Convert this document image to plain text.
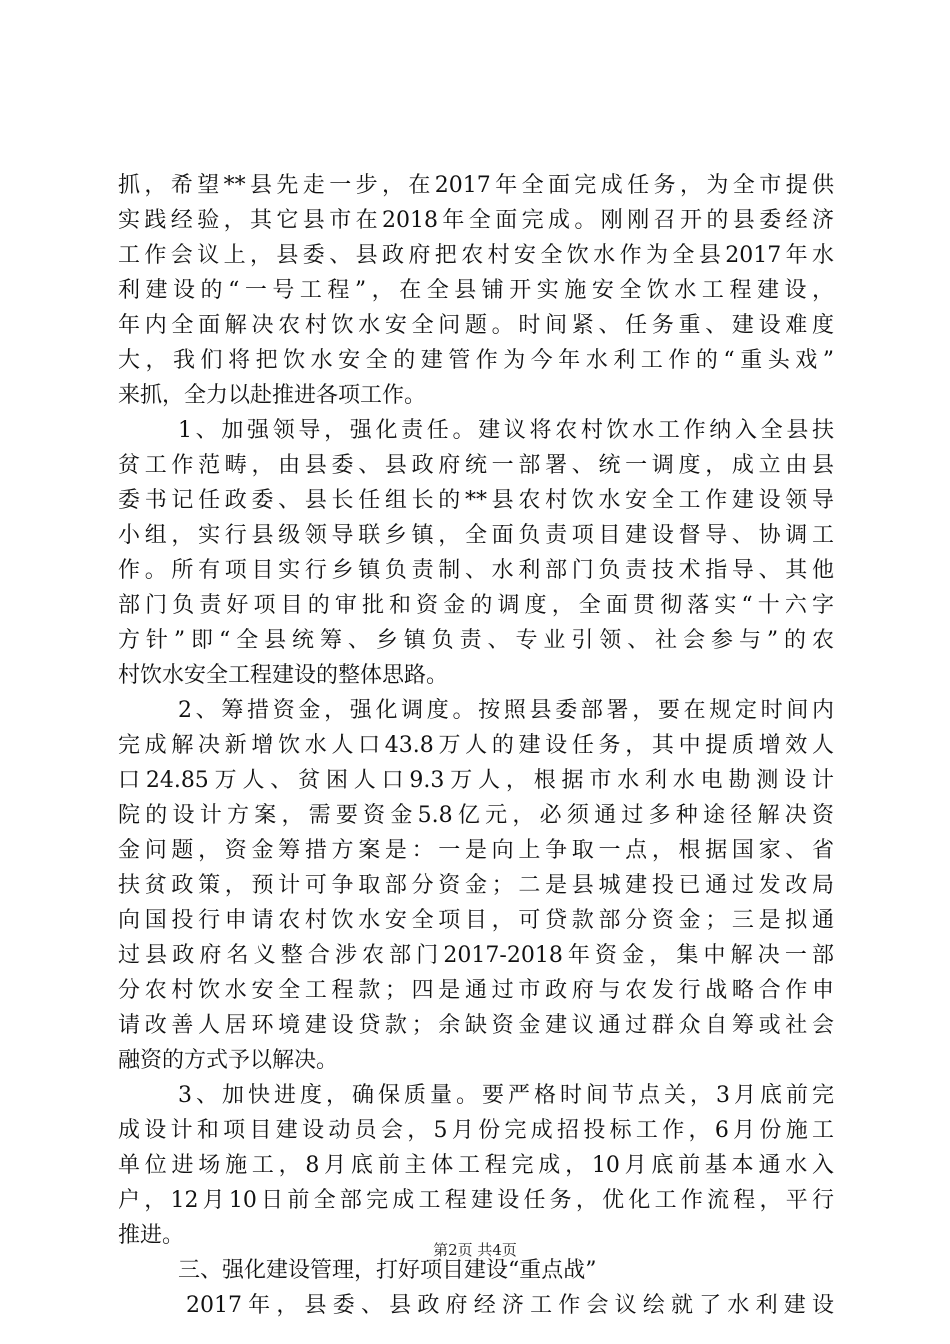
抓，希望**县先走一步，在2017年全面完成任务，为全市提供
实践经验，其它县市在2018年全面完成。刚刚召开的县委经济
工作会议上，县委、县政府把农村安全饮水作为全县2017年水
利建设的“一号工程”，在全县铺开实施安全饮水工程建设，
年内全面解决农村饮水安全问题。时间紧、任务重、建设难度
大，我们将把饮水安全的建管作为今年水利工作的“重头戏”
来抓，全力以赴推进各项工作。
1、加强领导，强化责任。建议将农村饮水工作纳入全县扶
贫工作范畴，由县委、县政府统一部署、统一调度，成立由县
委书记任政委、县长任组长的**县农村饮水安全工作建设领导
小组，实行县级领导联乡镇，全面负责项目建设督导、协调工
作。所有项目实行乡镇负责制、水利部门负责技术指导、其他
部门负责好项目的审批和资金的调度，全面贯彻落实“十六字
方针”即“全县统筹、乡镇负责、专业引领、社会参与”的农
村饮水安全工程建设的整体思路。
2、筹措资金，强化调度。按照县委部署，要在规定时间内
完成解决新增饮水人口43.8万人的建设任务，其中提质增效人
口24.85万人、贫困人口9.3万人，根据市水利水电勘测设计
院的设计方案，需要资金5.8亿元，必须通过多种途径解决资
金问题，资金筹措方案是：一是向上争取一点，根据国家、省
扶贫政策，预计可争取部分资金；二是县城建投已通过发改局
向国投行申请农村饮水安全项目，可贷款部分资金；三是拟通
过县政府名义整合涉农部门2017-2018年资金，集中解决一部
分农村饮水安全工程款；四是通过市政府与农发行战略合作申
请改善人居环境建设贷款；余缺资金建议通过群众自筹或社会
融资的方式予以解决。
3、加快进度，确保质量。要严格时间节点关，3月底前完
成设计和项目建设动员会，5月份完成招投标工作，6月份施工
单位进场施工，8月底前主体工程完成，10月底前基本通水入
户，12月10日前全部完成工程建设任务，优化工作流程，平行
推进。
三、强化建设管理，打好项目建设“重点战”
2017年，县委、县政府经济工作会议绘就了水利建设
第2页 共4页
